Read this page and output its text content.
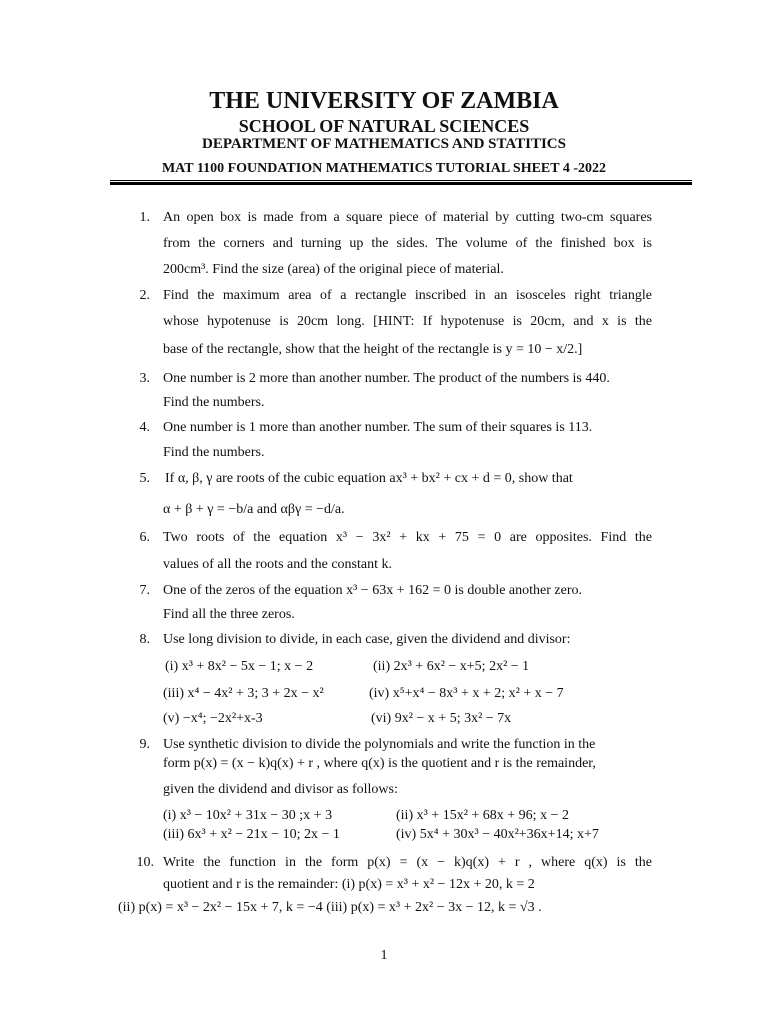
THE UNIVERSITY OF ZAMBIA
SCHOOL OF NATURAL SCIENCES
DEPARTMENT OF MATHEMATICS AND STATITICS
MAT 1100 FOUNDATION MATHEMATICS TUTORIAL SHEET 4 -2022
1. An open box is made from a square piece of material by cutting two-cm squares
from the corners and turning up the sides. The volume of the finished box is
200cm³. Find the size (area) of the original piece of material.
2. Find the maximum area of a rectangle inscribed in an isosceles right triangle
whose hypotenuse is 20cm long. [HINT: If hypotenuse is 20cm, and x is the
base of the rectangle, show that the height of the rectangle is y = 10 − x/2.]
3. One number is 2 more than another number. The product of the numbers is 440.
Find the numbers.
4. One number is 1 more than another number. The sum of their squares is 113.
Find the numbers.
5. If α, β, γ are roots of the cubic equation ax³ + bx² + cx + d = 0, show that
α + β + γ = −b/a and αβγ = −d/a.
6. Two roots of the equation x³ − 3x² + kx + 75 = 0 are opposites. Find the
values of all the roots and the constant k.
7. One of the zeros of the equation x³ − 63x + 162 = 0 is double another zero.
Find all the three zeros.
8. Use long division to divide, in each case, given the dividend and divisor:
(i) x³ + 8x² − 5x − 1; x − 2	(ii) 2x³ + 6x² − x+5; 2x² − 1
(iii) x⁴ − 4x² + 3; 3 + 2x − x²	(iv) x⁵+x⁴ − 8x³ + x + 2; x² + x − 7
(v) −x⁴; −2x²+x-3	(vi) 9x² − x + 5; 3x² − 7x
9. Use synthetic division to divide the polynomials and write the function in the
form p(x) = (x − k)q(x) + r , where q(x) is the quotient and r is the remainder,
given the dividend and divisor as follows:
(i) x³ − 10x² + 31x − 30 ;x + 3	(ii) x³ + 15x² + 68x + 96; x − 2
(iii) 6x³ + x² − 21x − 10; 2x − 1	(iv) 5x⁴ + 30x³ − 40x²+36x+14; x+7
10. Write the function in the form p(x) = (x − k)q(x) + r , where q(x) is the
quotient and r is the remainder: (i) p(x) = x³ + x² − 12x + 20, k = 2
(ii) p(x) = x³ − 2x² − 15x + 7, k = −4 (iii) p(x) = x³ + 2x² − 3x − 12, k = √3 .
1
